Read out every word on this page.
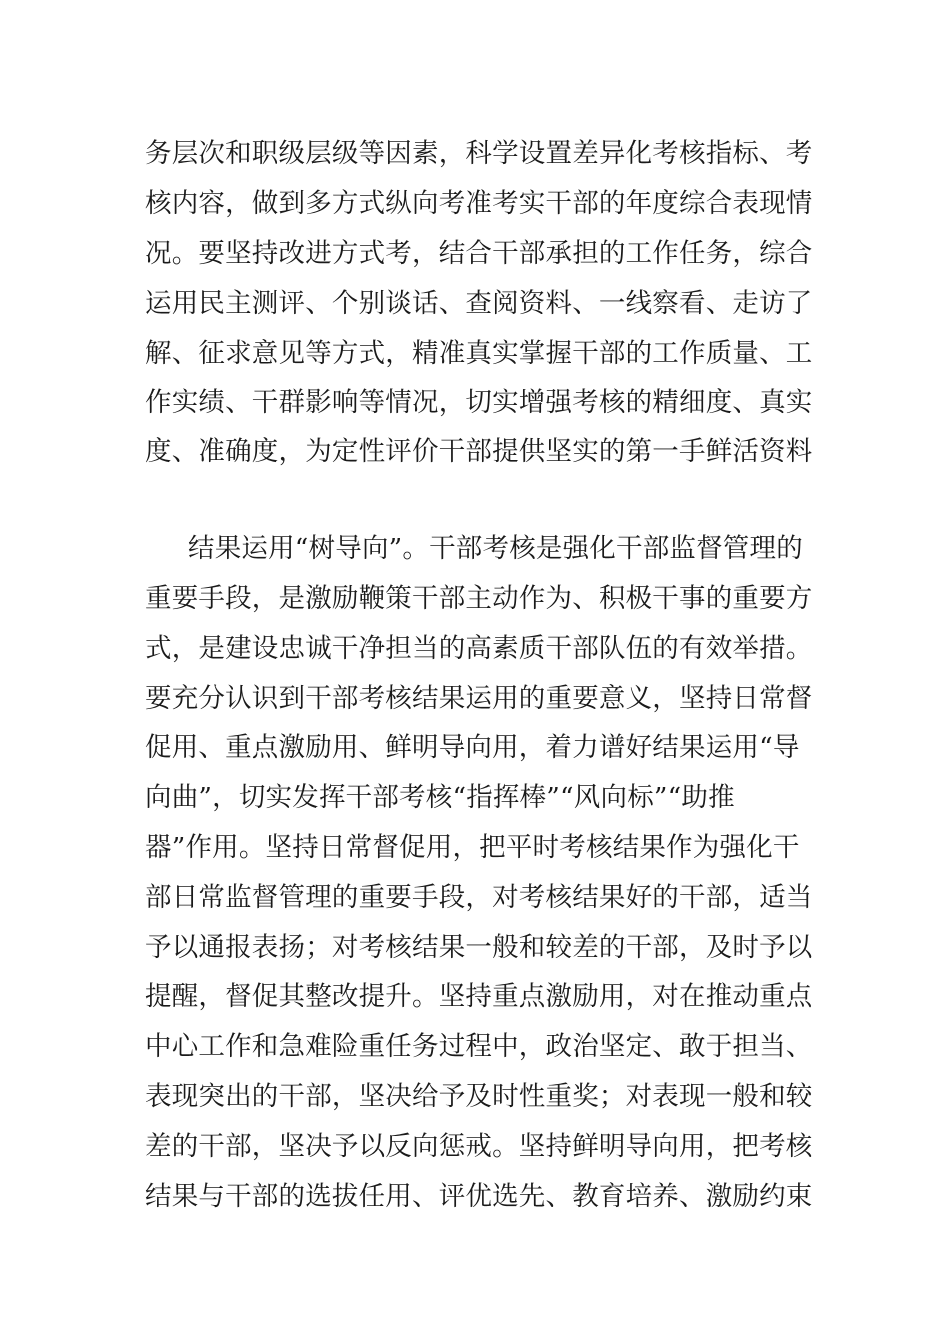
务层次和职级层级等因素，科学设置差异化考核指标、考

核内容，做到多方式纵向考准考实干部的年度综合表现情

况。要坚持改进方式考，结合干部承担的工作任务，综合

运用民主测评、个别谈话、查阅资料、一线察看、走访了

解、征求意见等方式，精准真实掌握干部的工作质量、工

作实绩、干群影响等情况，切实增强考核的精细度、真实

度、准确度，为定性评价干部提供坚实的第一手鲜活资料

结果运用“树导向”。干部考核是强化干部监督管理的

重要手段，是激励鞭策干部主动作为、积极干事的重要方

式，是建设忠诚干净担当的高素质干部队伍的有效举措。

要充分认识到干部考核结果运用的重要意义，坚持日常督

促用、重点激励用、鲜明导向用，着力谱好结果运用“导

向曲”，切实发挥干部考核“指挥棒”“风向标”“助推

器”作用。坚持日常督促用，把平时考核结果作为强化干

部日常监督管理的重要手段，对考核结果好的干部，适当

予以通报表扬；对考核结果一般和较差的干部，及时予以

提醒，督促其整改提升。坚持重点激励用，对在推动重点

中心工作和急难险重任务过程中，政治坚定、敢于担当、

表现突出的干部，坚决给予及时性重奖；对表现一般和较

差的干部，坚决予以反向惩戒。坚持鲜明导向用，把考核

结果与干部的选拔任用、评优选先、教育培养、激励约束
